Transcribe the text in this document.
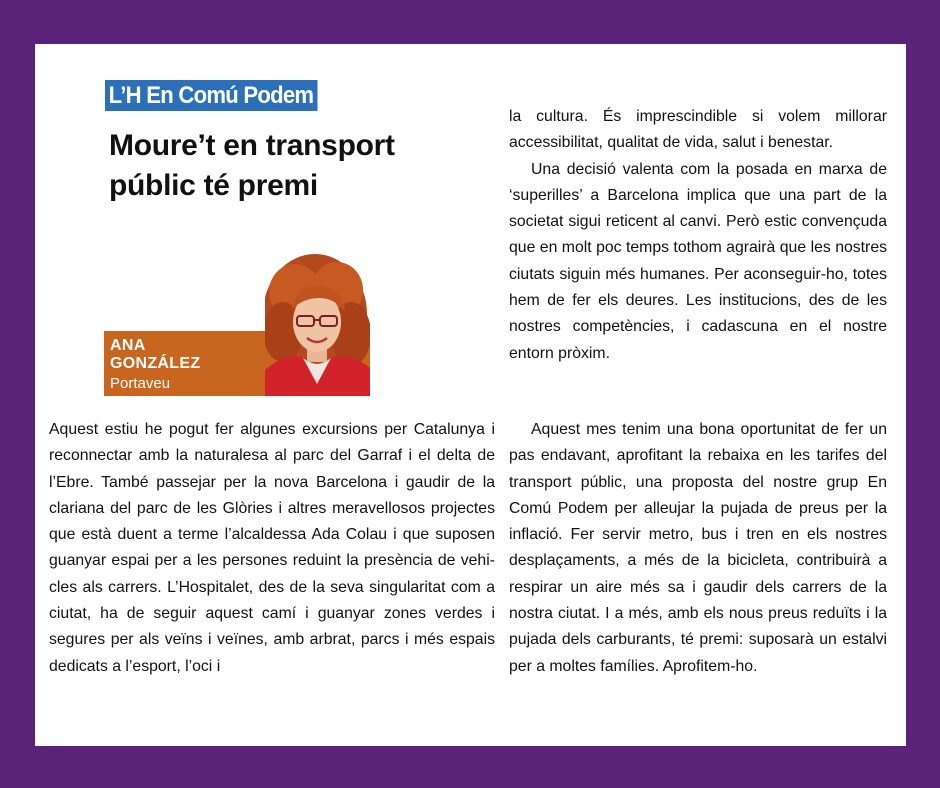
L’H En Comú Podem
Moure’t en transport públic té premi
ANA
GONZÁLEZ
Portaveu

la cultura. És imprescindible si volem millorar accessibilitat, qualitat de vida, salut i benestar.

Una decisió valenta com la posada en marxa de ‘superilles’ a Barcelona implica que una part de la societat sigui reticent al canvi. Però estic convençuda que en molt poc temps tothom agrairà que les nostres ciutats siguin més humanes. Per aconseguir-ho, totes hem de fer els deures. Les institucions, des de les nostres competències, i cadascuna en el nostre entorn pròxim.

Aquest estiu he pogut fer algunes excursions per Catalunya i reconnectar amb la naturalesa al parc del Garraf i el delta de l’Ebre. També passejar per la nova Barcelona i gaudir de la clariana del parc de les Glòries i altres meravellosos projectes que està duent a terme l’alcaldessa Ada Colau i que suposen guanyar espai per a les persones reduint la presència de vehicles als carrers. L’Hospitalet, des de la seva singularitat com a ciutat, ha de seguir aquest camí i guanyar zones verdes i segures per als veïns i veïnes, amb arbrat, parcs i més espais dedicats a l’esport, l’oci i

Aquest mes tenim una bona oportunitat de fer un pas endavant, aprofitant la rebaixa en les tarifes del transport públic, una proposta del nostre grup En Comú Podem per alleujar la pujada de preus per la inflació. Fer servir metro, bus i tren en els nostres desplaçaments, a més de la bicicleta, contribuirà a respirar un aire més sa i gaudir dels carrers de la nostra ciutat. I a més, amb els nous preus reduïts i la pujada dels carburants, té premi: suposarà un estalvi per a moltes famílies. Aprofitem-ho.
